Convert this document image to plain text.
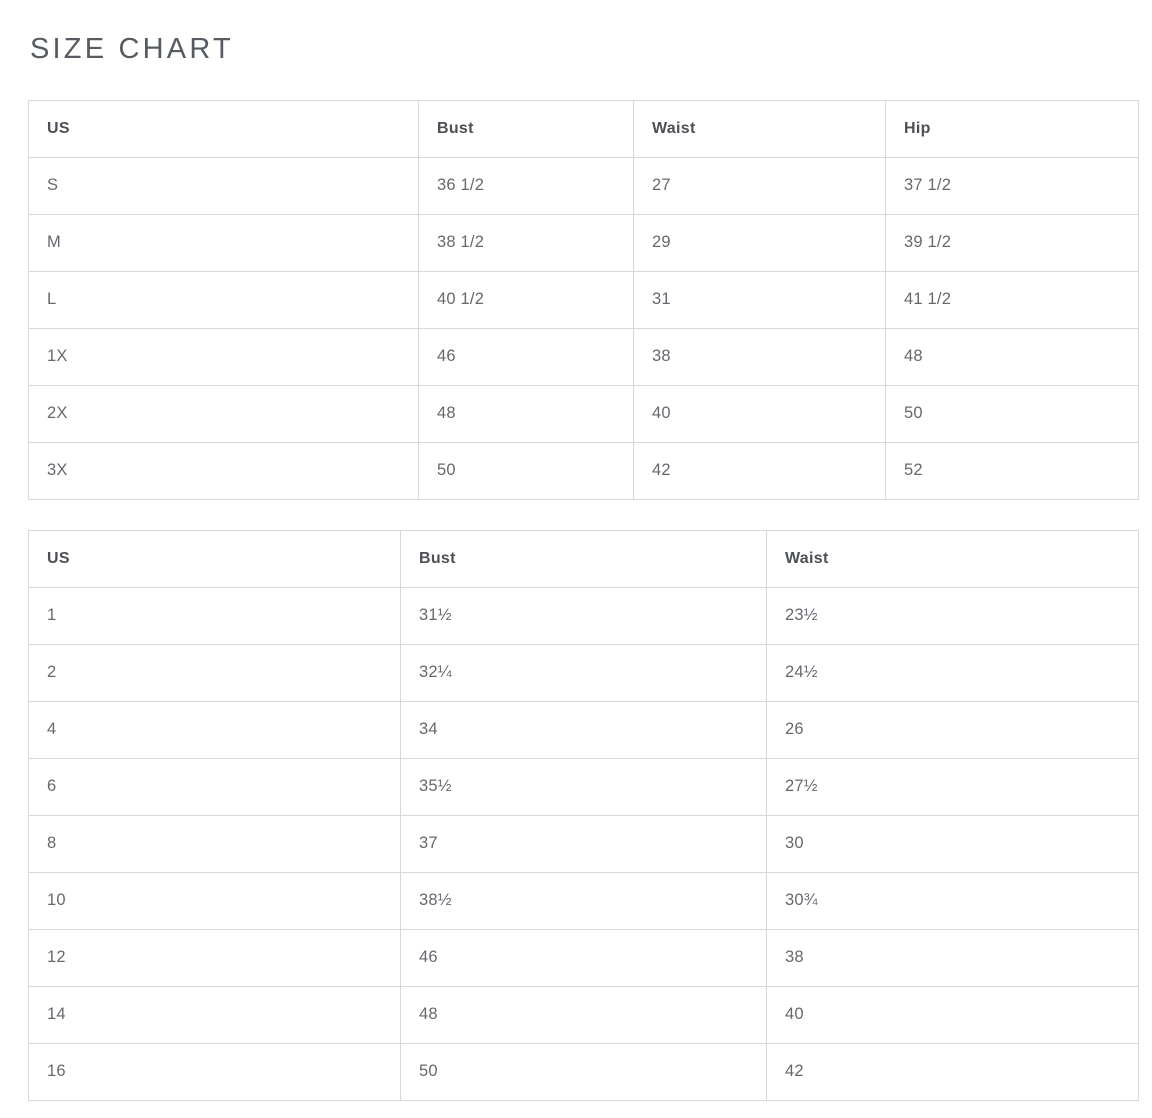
SIZE CHART
US	Bust	Waist	Hip
S	36 1/2	27	37 1/2
M	38 1/2	29	39 1/2
L	40 1/2	31	41 1/2
1X	46	38	48
2X	48	40	50
3X	50	42	52
US	Bust	Waist
1	31½	23½
2	32¼	24½
4	34	26
6	35½	27½
8	37	30
10	38½	30¾
12	46	38
14	48	40
16	50	42
